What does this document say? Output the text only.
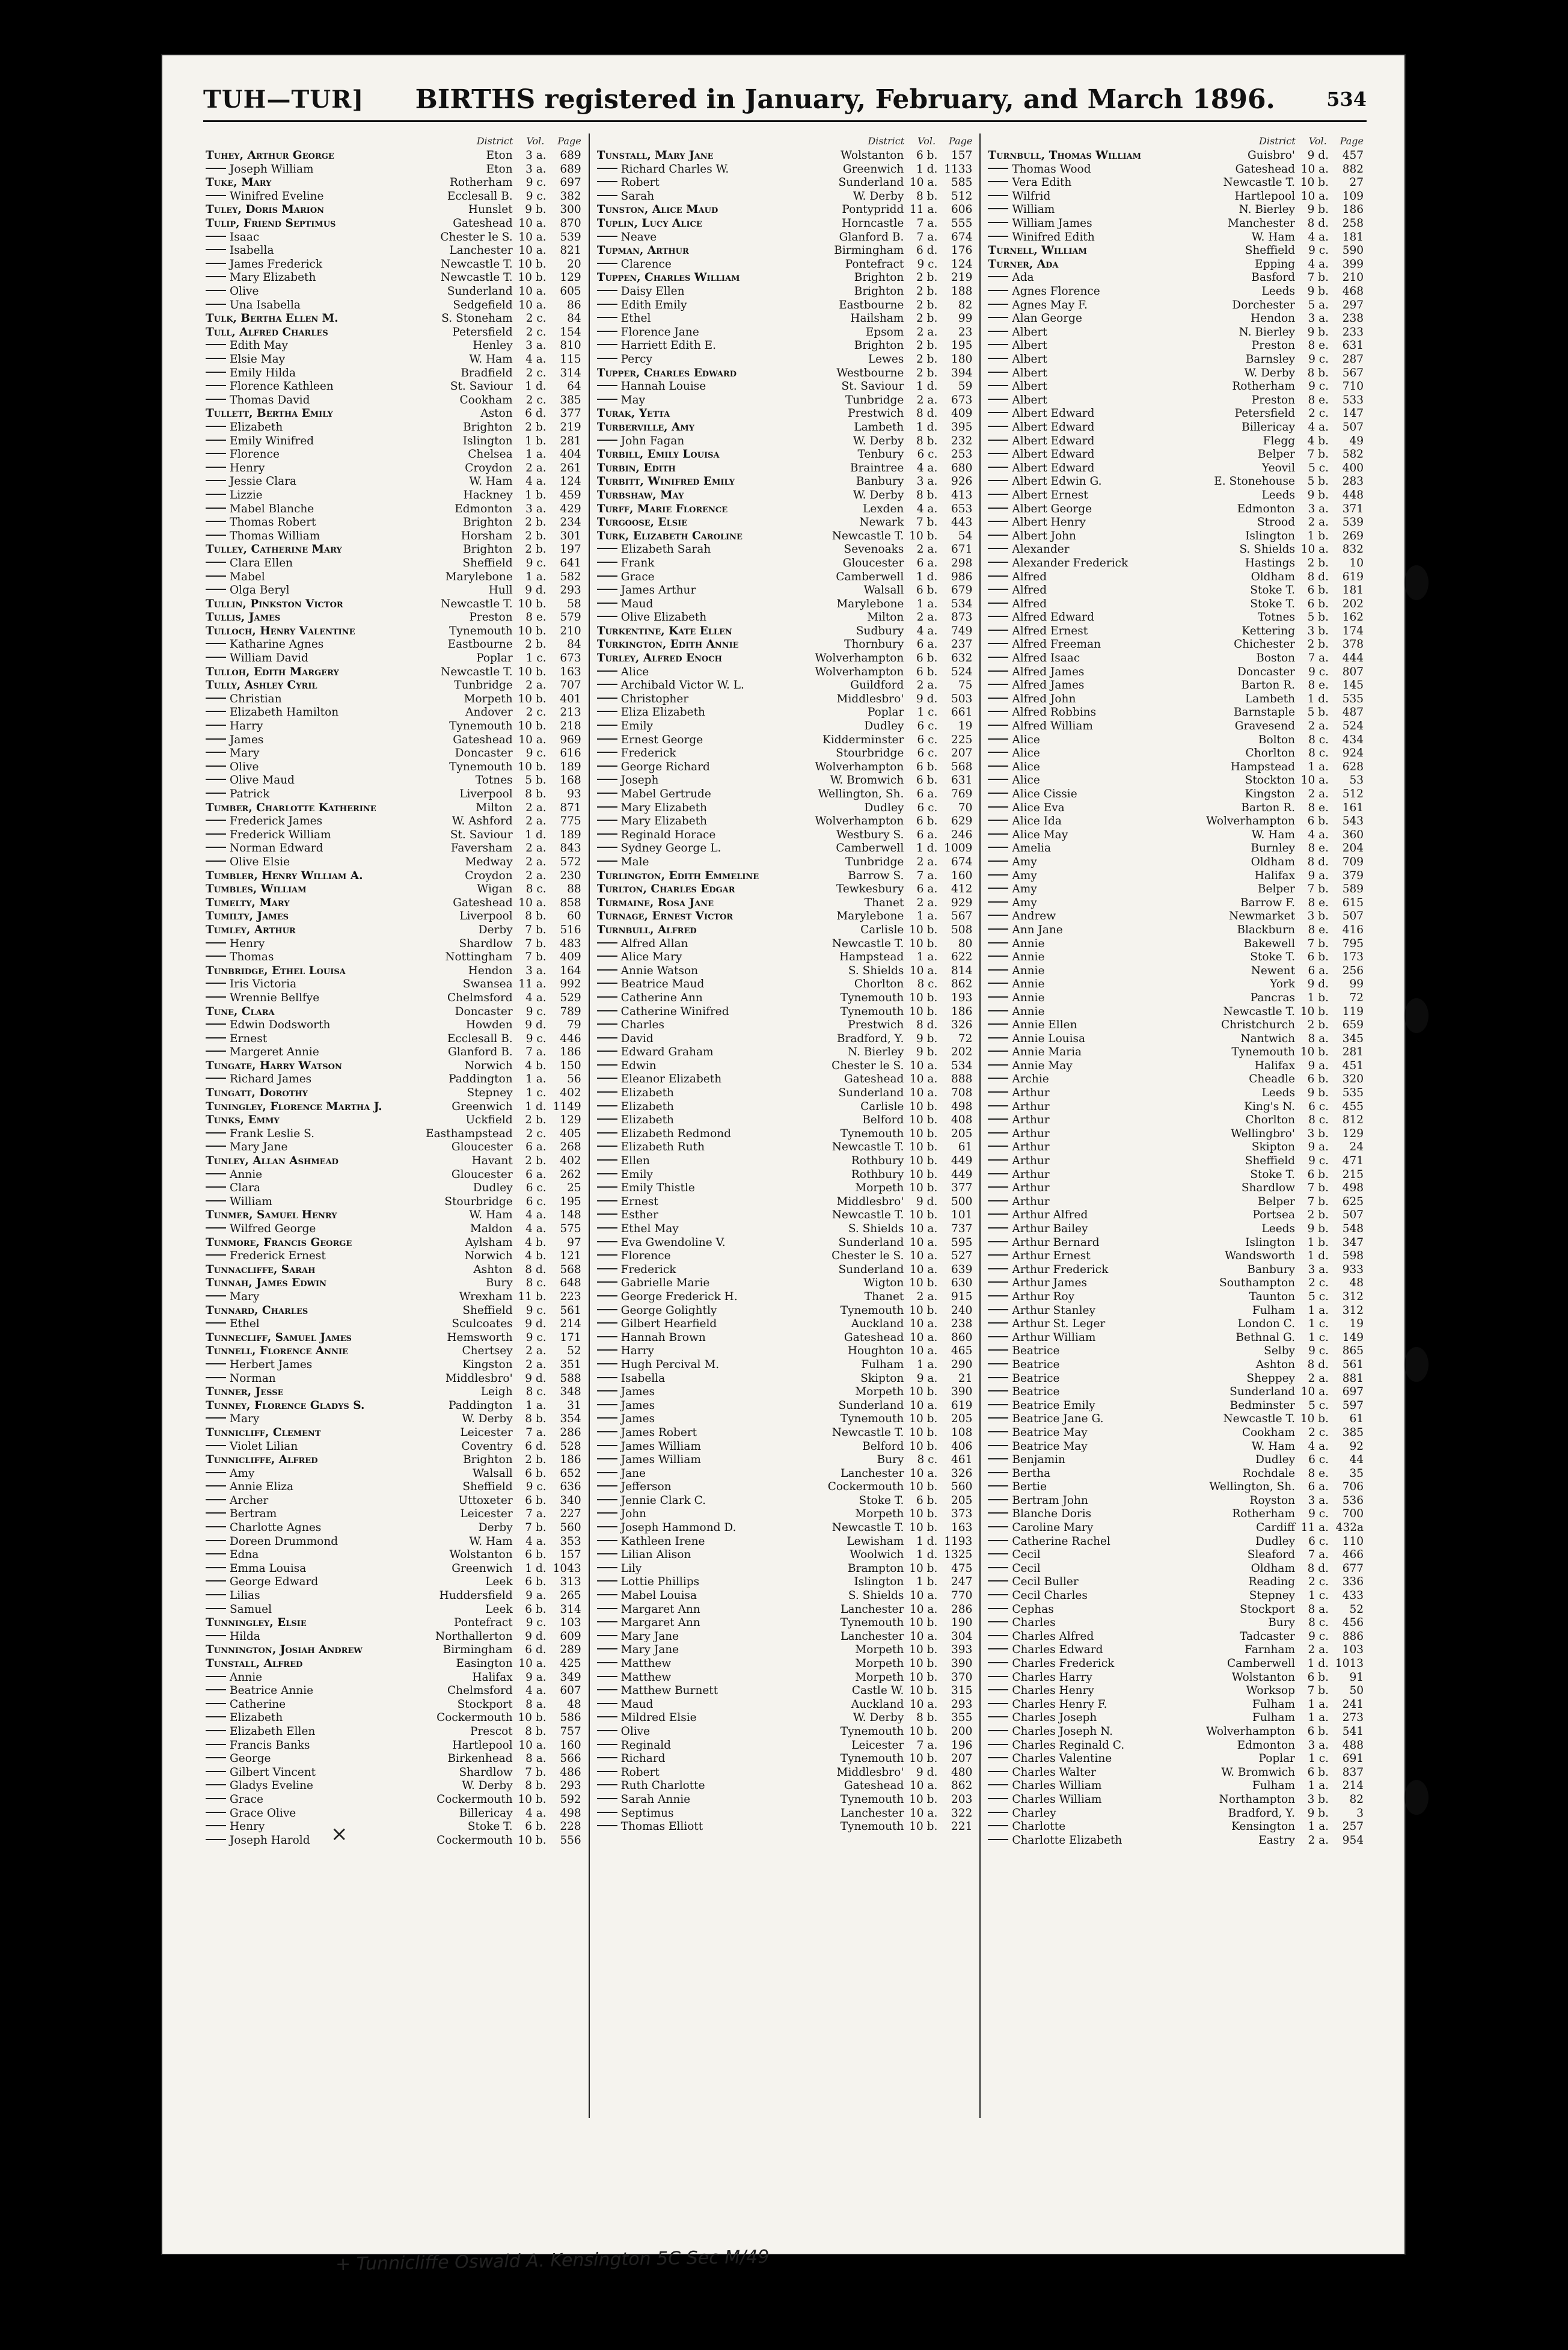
TUH—TUR] BIRTHS registered in January, February, and March 1896.	534
District Vol. Page
Tuhey, Arthur George	Eton	3 a.	689
Joseph William	Eton	3 a.	689
Tuke, Mary	Rotherham	9 c.	697
Winifred Eveline	Ecclesall B.	9 c.	382
Tuley, Doris Marion	Hunslet	9 b.	300
Tulip, Friend Septimus	Gateshead 10 a.	870
Isaac	Chester le S. 10 a.	539
Isabella	Lanchester 10 a.	821
James Frederick	Newcastle T. 10 b.	20
Mary Elizabeth	Newcastle T. 10 b.	129
Olive	Sunderland 10 a.	605
Una Isabella	Sedgefield 10 a.	86
Tulk, Bertha Ellen M.	S. Stoneham	2 c.	84
Tull, Alfred Charles	Petersfield	2 c.	154
Edith May	Henley	3 a.	810
Elsie May	W. Ham	4 a.	115
Emily Hilda	Bradfield	2 c.	314
Florence Kathleen	St. Saviour	1 d.	64
Thomas David	Cookham	2 c.	385
Tullett, Bertha Emily	Aston	6 d.	377
Elizabeth	Brighton	2 b.	219
Emily Winifred	Islington	1 b.	281
Florence	Chelsea	1 a.	404
Henry	Croydon	2 a.	261
Jessie Clara	W. Ham	4 a.	124
Lizzie	Hackney	1 b.	459
Mabel Blanche	Edmonton	3 a.	429
Thomas Robert	Brighton	2 b.	234
Thomas William	Horsham	2 b.	301
Tulley, Catherine Mary	Brighton	2 b.	197
Clara Ellen	Sheffield	9 c.	641
Mabel	Marylebone	1 a.	582
Olga Beryl	Hull	9 d.	293
Tullin, Pinkston Victor	Newcastle T. 10 b.	58
Tullis, James	Preston	8 e.	579
Tulloch, Henry Valentine	Tynemouth 10 b.	210
Katharine Agnes	Eastbourne	2 b.	84
William David	Poplar	1 c.	673
Tulloh, Edith Margery	Newcastle T. 10 b.	163
Tully, Ashley Cyril	Tunbridge	2 a.	707
Christian	Morpeth 10 b.	401
Elizabeth Hamilton	Andover	2 c.	213
Harry	Tynemouth 10 b.	218
James	Gateshead 10 a.	969
Mary	Doncaster	9 c.	616
Olive	Tynemouth 10 b.	189
Olive Maud	Totnes	5 b.	168
Patrick	Liverpool	8 b.	93
Tumber, Charlotte Katherine	Milton	2 a.	871
Frederick James	W. Ashford	2 a.	775
Frederick William	St. Saviour	1 d.	189
Norman Edward	Faversham	2 a.	843
Olive Elsie	Medway	2 a.	572
Tumbler, Henry William A.	Croydon	2 a.	230
Tumbles, William	Wigan	8 c.	88
Tumelty, Mary	Gateshead 10 a.	858
Tumilty, James	Liverpool	8 b.	60
Tumley, Arthur	Derby	7 b.	516
Henry	Shardlow	7 b.	483
Thomas	Nottingham	7 b.	409
Tunbridge, Ethel Louisa	Hendon	3 a.	164
Iris Victoria	Swansea 11 a.	992
Wrennie Bellfye	Chelmsford	4 a.	529
Tune, Clara	Doncaster	9 c.	789
Edwin Dodsworth	Howden	9 d.	79
Ernest	Ecclesall B.	9 c.	446
Margeret Annie	Glanford B.	7 a.	186
Tungate, Harry Watson	Norwich	4 b.	150
Richard James	Paddington	1 a.	56
Tungatt, Dorothy	Stepney	1 c.	402
Tuningley, Florence Martha J.	Greenwich	1 d. 1149
Tunks, Emmy	Uckfield	2 b.	129
Frank Leslie S.	Easthampstead	2 c.	405
Mary Jane	Gloucester	6 a.	268
Tunley, Allan Ashmead	Havant	2 b.	402
Annie	Gloucester	6 a.	262
Clara	Dudley	6 c.	25
William	Stourbridge	6 c.	195
Tunmer, Samuel Henry	W. Ham	4 a.	148
Wilfred George	Maldon	4 a.	575
Tunmore, Francis George	Aylsham	4 b.	97
Frederick Ernest	Norwich	4 b.	121
Tunnacliffe, Sarah	Ashton	8 d.	568
Tunnah, James Edwin	Bury	8 c.	648
Mary	Wrexham 11 b.	223
Tunnard, Charles	Sheffield	9 c.	561
Ethel	Sculcoates	9 d.	214
Tunnecliff, Samuel James	Hemsworth	9 c.	171
Tunnell, Florence Annie	Chertsey	2 a.	52
Herbert James	Kingston	2 a.	351
Norman	Middlesbro'	9 d.	588
Tunner, Jesse	Leigh	8 c.	348
Tunney, Florence Gladys S.	Paddington	1 a.	31
Mary	W. Derby	8 b.	354
Tunnicliff, Clement	Leicester	7 a.	286
Violet Lilian	Coventry	6 d.	528
Tunnicliffe, Alfred	Brighton	2 b.	186
Amy	Walsall	6 b.	652
Annie Eliza	Sheffield	9 c.	636
Archer	Uttoxeter	6 b.	340
Bertram	Leicester	7 a.	227
Charlotte Agnes	Derby	7 b.	560
Doreen Drummond	W. Ham	4 a.	353
Edna	Wolstanton	6 b.	157
Emma Louisa	Greenwich	1 d. 1043
George Edward	Leek	6 b.	313
Lilias	Huddersfield	9 a.	265
Samuel	Leek	6 b.	314
Tunningley, Elsie	Pontefract	9 c.	103
Hilda	Northallerton	9 d.	609
Tunnington, Josiah Andrew	Birmingham	6 d.	289
Tunstall, Alfred	Easington 10 a.	425
Annie	Halifax	9 a.	349
Beatrice Annie	Chelmsford	4 a.	607
Catherine	Stockport	8 a.	48
Elizabeth	Cockermouth 10 b.	586
Elizabeth Ellen	Prescot	8 b.	757
Francis Banks	Hartlepool 10 a.	160
George	Birkenhead	8 a.	566
Gilbert Vincent	Shardlow	7 b.	486
Gladys Eveline	W. Derby	8 b.	293
Grace	Cockermouth 10 b.	592
Grace Olive	Billericay	4 a.	498
Henry	Stoke T.	6 b.	228
Joseph Harold	Cockermouth 10 b.	556
District Vol. Page
Tunstall, Mary Jane	Wolstanton	6 b.	157
Richard Charles W.	Greenwich	1 d. 1133
Robert	Sunderland 10 a.	585
Sarah	W. Derby	8 b.	512
Tunston, Alice Maud	Pontypridd 11 a.	606
Tuplin, Lucy Alice	Horncastle	7 a.	555
Neave	Glanford B.	7 a.	674
Tupman, Arthur	Birmingham	6 d.	176
Clarence	Pontefract	9 c.	124
Tuppen, Charles William	Brighton	2 b.	219
Daisy Ellen	Brighton	2 b.	188
Edith Emily	Eastbourne	2 b.	82
Ethel	Hailsham	2 b.	99
Florence Jane	Epsom	2 a.	23
Harriett Edith E.	Brighton	2 b.	195
Percy	Lewes	2 b.	180
Tupper, Charles Edward	Westbourne	2 b.	394
Hannah Louise	St. Saviour	1 d.	59
May	Tunbridge	2 a.	673
Turak, Yetta	Prestwich	8 d.	409
Turberville, Amy	Lambeth	1 d.	395
John Fagan	W. Derby	8 b.	232
Turbill, Emily Louisa	Tenbury	6 c.	253
Turbin, Edith	Braintree	4 a.	680
Turbitt, Winifred Emily	Banbury	3 a.	926
Turbshaw, May	W. Derby	8 b.	413
Turff, Marie Florence	Lexden	4 a.	653
Turgoose, Elsie	Newark	7 b.	443
Turk, Elizabeth Caroline	Newcastle T. 10 b.	54
Elizabeth Sarah	Sevenoaks	2 a.	671
Frank	Gloucester	6 a.	298
Grace	Camberwell	1 d.	986
James Arthur	Walsall	6 b.	679
Maud	Marylebone	1 a.	534
Olive Elizabeth	Milton	2 a.	873
Turkentine, Kate Ellen	Sudbury	4 a.	749
Turkington, Edith Annie	Thornbury	6 a.	237
Turley, Alfred Enoch	Wolverhampton	6 b.	632
Alice	Wolverhampton	6 b.	524
Archibald Victor W. L.	Guildford	2 a.	75
Christopher	Middlesbro'	9 d.	503
Eliza Elizabeth	Poplar	1 c.	661
Emily	Dudley	6 c.	19
Ernest George	Kidderminster	6 c.	225
Frederick	Stourbridge	6 c.	207
George Richard	Wolverhampton	6 b.	568
Joseph	W. Bromwich	6 b.	631
Mabel Gertrude	Wellington, Sh.	6 a.	769
Mary Elizabeth	Dudley	6 c.	70
Mary Elizabeth	Wolverhampton	6 b.	629
Reginald Horace	Westbury S.	6 a.	246
Sydney George L.	Camberwell	1 d. 1009
Male	Tunbridge	2 a.	674
Turlington, Edith Emmeline	Barrow S.	7 a.	160
Turlton, Charles Edgar	Tewkesbury	6 a.	412
Turmaine, Rosa Jane	Thanet	2 a.	929
Turnage, Ernest Victor	Marylebone	1 a.	567
Turnbull, Alfred	Carlisle 10 b.	508
Alfred Allan	Newcastle T. 10 b.	80
Alice Mary	Hampstead	1 a.	622
Annie Watson	S. Shields 10 a.	814
Beatrice Maud	Chorlton	8 c.	862
Catherine Ann	Tynemouth 10 b.	193
Catherine Winifred	Tynemouth 10 b.	186
Charles	Prestwich	8 d.	326
David	Bradford, Y.	9 b.	72
Edward Graham	N. Bierley	9 b.	202
Edwin	Chester le S. 10 a.	534
Eleanor Elizabeth	Gateshead 10 a.	888
Elizabeth	Sunderland 10 a.	708
Elizabeth	Carlisle 10 b.	498
Elizabeth	Belford 10 b.	408
Elizabeth Redmond	Tynemouth 10 b.	205
Elizabeth Ruth	Newcastle T. 10 b.	61
Ellen	Rothbury 10 b.	449
Emily	Rothbury 10 b.	449
Emily Thistle	Morpeth 10 b.	377
Ernest	Middlesbro'	9 d.	500
Esther	Newcastle T. 10 b.	101
Ethel May	S. Shields 10 a.	737
Eva Gwendoline V.	Sunderland 10 a.	595
Florence	Chester le S. 10 a.	527
Frederick	Sunderland 10 a.	639
Gabrielle Marie	Wigton 10 b.	630
George Frederick H.	Thanet	2 a.	915
George Golightly	Tynemouth 10 b.	240
Gilbert Hearfield	Auckland 10 a.	238
Hannah Brown	Gateshead 10 a.	860
Harry	Houghton 10 a.	465
Hugh Percival M.	Fulham	1 a.	290
Isabella	Skipton	9 a.	21
James	Morpeth 10 b.	390
James	Sunderland 10 a.	619
James	Tynemouth 10 b.	205
James Robert	Newcastle T. 10 b.	108
James William	Belford 10 b.	406
James William	Bury	8 c.	461
Jane	Lanchester 10 a.	326
Jefferson	Cockermouth 10 b.	560
Jennie Clark C.	Stoke T.	6 b.	205
John	Morpeth 10 b.	373
Joseph Hammond D.	Newcastle T. 10 b.	163
Kathleen Irene	Lewisham	1 d. 1193
Lilian Alison	Woolwich	1 d. 1325
Lily	Brampton 10 b.	475
Lottie Phillips	Islington	1 b.	247
Mabel Louisa	S. Shields 10 a.	770
Margaret Ann	Lanchester 10 a.	286
Margaret Ann	Tynemouth 10 b.	190
Mary Jane	Lanchester 10 a.	304
Mary Jane	Morpeth 10 b.	393
Matthew	Morpeth 10 b.	390
Matthew	Morpeth 10 b.	370
Matthew Burnett	Castle W. 10 b.	315
Maud	Auckland 10 a.	293
Mildred Elsie	W. Derby	8 b.	355
Olive	Tynemouth 10 b.	200
Reginald	Leicester	7 a.	196
Richard	Tynemouth 10 b.	207
Robert	Middlesbro'	9 d.	480
Ruth Charlotte	Gateshead 10 a.	862
Sarah Annie	Tynemouth 10 b.	203
Septimus	Lanchester 10 a.	322
Thomas Elliott	Tynemouth 10 b.	221
District Vol. Page
Turnbull, Thomas William	Guisbro'	9 d.	457
Thomas Wood	Gateshead 10 a.	882
Vera Edith	Newcastle T. 10 b.	27
Wilfrid	Hartlepool 10 a.	109
William	N. Bierley	9 b.	186
William James	Manchester	8 d.	258
Winifred Edith	W. Ham	4 a.	181
Turnell, William	Sheffield	9 c.	590
Turner, Ada	Epping	4 a.	399
Ada	Basford	7 b.	210
Agnes Florence	Leeds	9 b.	468
Agnes May F.	Dorchester	5 a.	297
Alan George	Hendon	3 a.	238
Albert	N. Bierley	9 b.	233
Albert	Preston	8 e.	631
Albert	Barnsley	9 c.	287
Albert	W. Derby	8 b.	567
Albert	Rotherham	9 c.	710
Albert	Preston	8 e.	533
Albert Edward	Petersfield	2 c.	147
Albert Edward	Billericay	4 a.	507
Albert Edward	Flegg	4 b.	49
Albert Edward	Belper	7 b.	582
Albert Edward	Yeovil	5 c.	400
Albert Edwin G.	E. Stonehouse	5 b.	283
Albert Ernest	Leeds	9 b.	448
Albert George	Edmonton	3 a.	371
Albert Henry	Strood	2 a.	539
Albert John	Islington	1 b.	269
Alexander	S. Shields 10 a.	832
Alexander Frederick	Hastings	2 b.	10
Alfred	Oldham	8 d.	619
Alfred	Stoke T.	6 b.	181
Alfred	Stoke T.	6 b.	202
Alfred Edward	Totnes	5 b.	162
Alfred Ernest	Kettering	3 b.	174
Alfred Freeman	Chichester	2 b.	378
Alfred Isaac	Boston	7 a.	444
Alfred James	Doncaster	9 c.	807
Alfred James	Barton R.	8 e.	145
Alfred John	Lambeth	1 d.	535
Alfred Robbins	Barnstaple	5 b.	487
Alfred William	Gravesend	2 a.	524
Alice	Bolton	8 c.	434
Alice	Chorlton	8 c.	924
Alice	Hampstead	1 a.	628
Alice	Stockton 10 a.	53
Alice Cissie	Kingston	2 a.	512
Alice Eva	Barton R.	8 e.	161
Alice Ida	Wolverhampton	6 b.	543
Alice May	W. Ham	4 a.	360
Amelia	Burnley	8 e.	204
Amy	Oldham	8 d.	709
Amy	Halifax	9 a.	379
Amy	Belper	7 b.	589
Amy	Barrow F.	8 e.	615
Andrew	Newmarket	3 b.	507
Ann Jane	Blackburn	8 e.	416
Annie	Bakewell	7 b.	795
Annie	Stoke T.	6 b.	173
Annie	Newent	6 a.	256
Annie	York	9 d.	99
Annie	Pancras	1 b.	72
Annie	Newcastle T. 10 b.	119
Annie Ellen	Christchurch	2 b.	659
Annie Louisa	Nantwich	8 a.	345
Annie Maria	Tynemouth 10 b.	281
Annie May	Halifax	9 a.	451
Archie	Cheadle	6 b.	320
Arthur	Leeds	9 b.	535
Arthur	King's N.	6 c.	455
Arthur	Chorlton	8 c.	812
Arthur	Wellingbro'	3 b.	129
Arthur	Skipton	9 a.	24
Arthur	Sheffield	9 c.	471
Arthur	Stoke T.	6 b.	215
Arthur	Shardlow	7 b.	498
Arthur	Belper	7 b.	625
Arthur Alfred	Portsea	2 b.	507
Arthur Bailey	Leeds	9 b.	548
Arthur Bernard	Islington	1 b.	347
Arthur Ernest	Wandsworth	1 d.	598
Arthur Frederick	Banbury	3 a.	933
Arthur James	Southampton	2 c.	48
Arthur Roy	Taunton	5 c.	312
Arthur Stanley	Fulham	1 a.	312
Arthur St. Leger	London C.	1 c.	19
Arthur William	Bethnal G.	1 c.	149
Beatrice	Selby	9 c.	865
Beatrice	Ashton	8 d.	561
Beatrice	Sheppey	2 a.	881
Beatrice	Sunderland 10 a.	697
Beatrice Emily	Bedminster	5 c.	597
Beatrice Jane G.	Newcastle T. 10 b.	61
Beatrice May	Cookham	2 c.	385
Beatrice May	W. Ham	4 a.	92
Benjamin	Dudley	6 c.	44
Bertha	Rochdale	8 e.	35
Bertie	Wellington, Sh.	6 a.	706
Bertram John	Royston	3 a.	536
Blanche Doris	Rotherham	9 c.	700
Caroline Mary	Cardiff 11 a. 432a
Catherine Rachel	Dudley	6 c.	110
Cecil	Sleaford	7 a.	466
Cecil	Oldham	8 d.	677
Cecil Buller	Reading	2 c.	336
Cecil Charles	Stepney	1 c.	433
Cephas	Stockport	8 a.	52
Charles	Bury	8 c.	456
Charles Alfred	Tadcaster	9 c.	886
Charles Edward	Farnham	2 a.	103
Charles Frederick	Camberwell	1 d. 1013
Charles Harry	Wolstanton	6 b.	91
Charles Henry	Worksop	7 b.	50
Charles Henry F.	Fulham	1 a.	241
Charles Joseph	Fulham	1 a.	273
Charles Joseph N.	Wolverhampton	6 b.	541
Charles Reginald C.	Edmonton	3 a.	488
Charles Valentine	Poplar	1 c.	691
Charles Walter	W. Bromwich	6 b.	837
Charles William	Fulham	1 a.	214
Charles William	Northampton	3 b.	82
Charley	Bradford, Y.	9 b.	3
Charlotte	Kensington	1 a.	257
Charlotte Elizabeth	Eastry	2 a.	954
×
+ Tunnicliffe Oswald A. Kensington 5C Sec M/49
